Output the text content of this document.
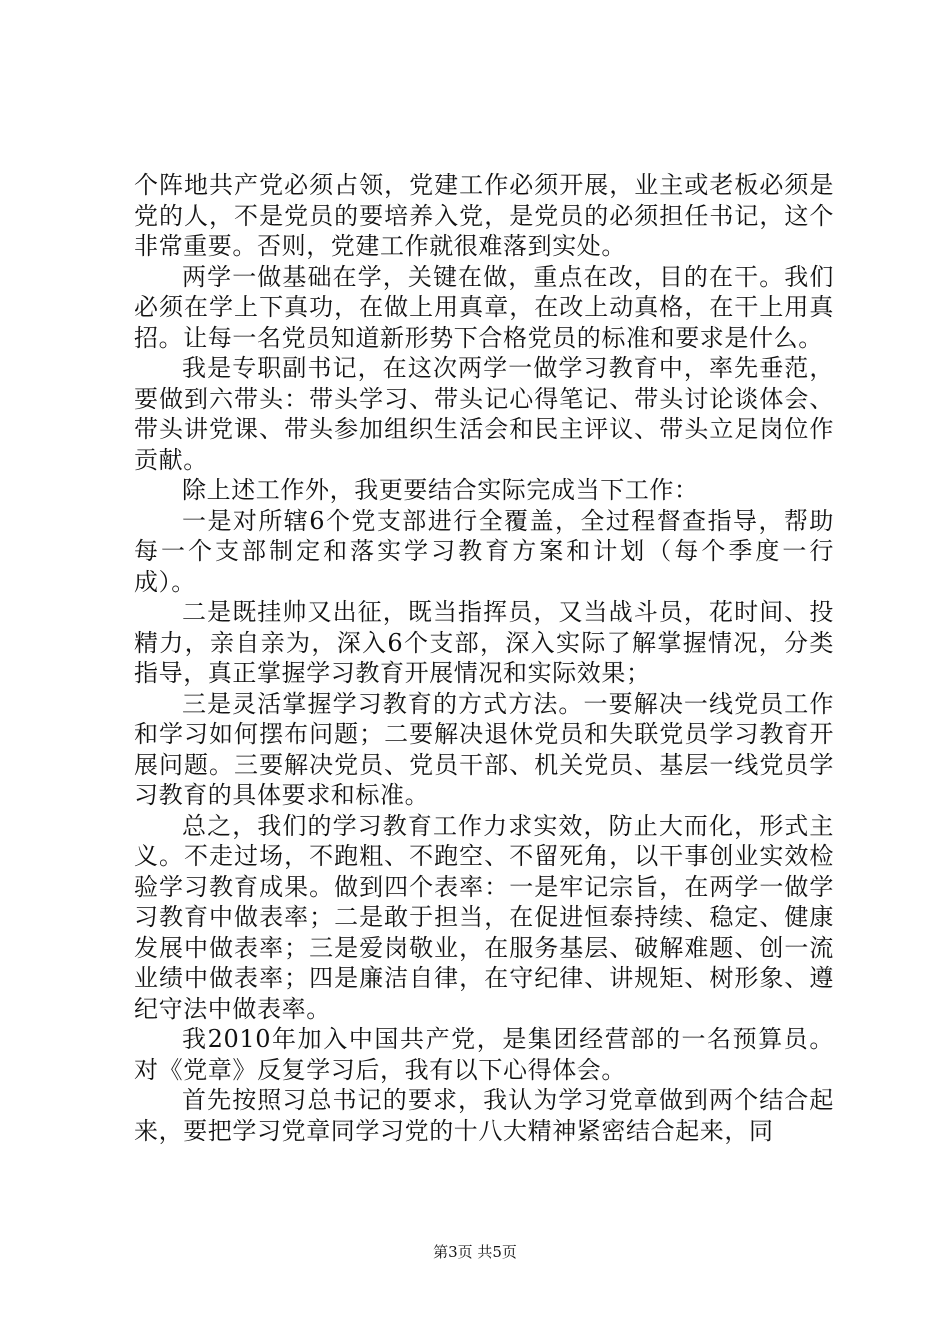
个阵地共产党必须占领，党建工作必须开展，业主或老板必须是党的人，不是党员的要培养入党，是党员的必须担任书记，这个非常重要。否则，党建工作就很难落到实处。

两学一做基础在学，关键在做，重点在改，目的在干。我们必须在学上下真功，在做上用真章，在改上动真格，在干上用真招。让每一名党员知道新形势下合格党员的标准和要求是什么。

我是专职副书记，在这次两学一做学习教育中，率先垂范，要做到六带头：带头学习、带头记心得笔记、带头讨论谈体会、带头讲党课、带头参加组织生活会和民主评议、带头立足岗位作贡献。

除上述工作外，我更要结合实际完成当下工作：

一是对所辖6个党支部进行全覆盖，全过程督查指导，帮助每一个支部制定和落实学习教育方案和计划（每个季度一行成）。

二是既挂帅又出征，既当指挥员，又当战斗员，花时间、投精力，亲自亲为，深入6个支部，深入实际了解掌握情况，分类指导，真正掌握学习教育开展情况和实际效果；

三是灵活掌握学习教育的方式方法。一要解决一线党员工作和学习如何摆布问题；二要解决退休党员和失联党员学习教育开展问题。三要解决党员、党员干部、机关党员、基层一线党员学习教育的具体要求和标准。

总之，我们的学习教育工作力求实效，防止大而化，形式主义。不走过场，不跑粗、不跑空、不留死角，以干事创业实效检验学习教育成果。做到四个表率：一是牢记宗旨，在两学一做学习教育中做表率；二是敢于担当，在促进恒泰持续、稳定、健康发展中做表率；三是爱岗敬业，在服务基层、破解难题、创一流业绩中做表率；四是廉洁自律，在守纪律、讲规矩、树形象、遵纪守法中做表率。

我2010年加入中国共产党，是集团经营部的一名预算员。对《党章》反复学习后，我有以下心得体会。

首先按照习总书记的要求，我认为学习党章做到两个结合起来，要把学习党章同学习党的十八大精神紧密结合起来，同

第3页 共5页
